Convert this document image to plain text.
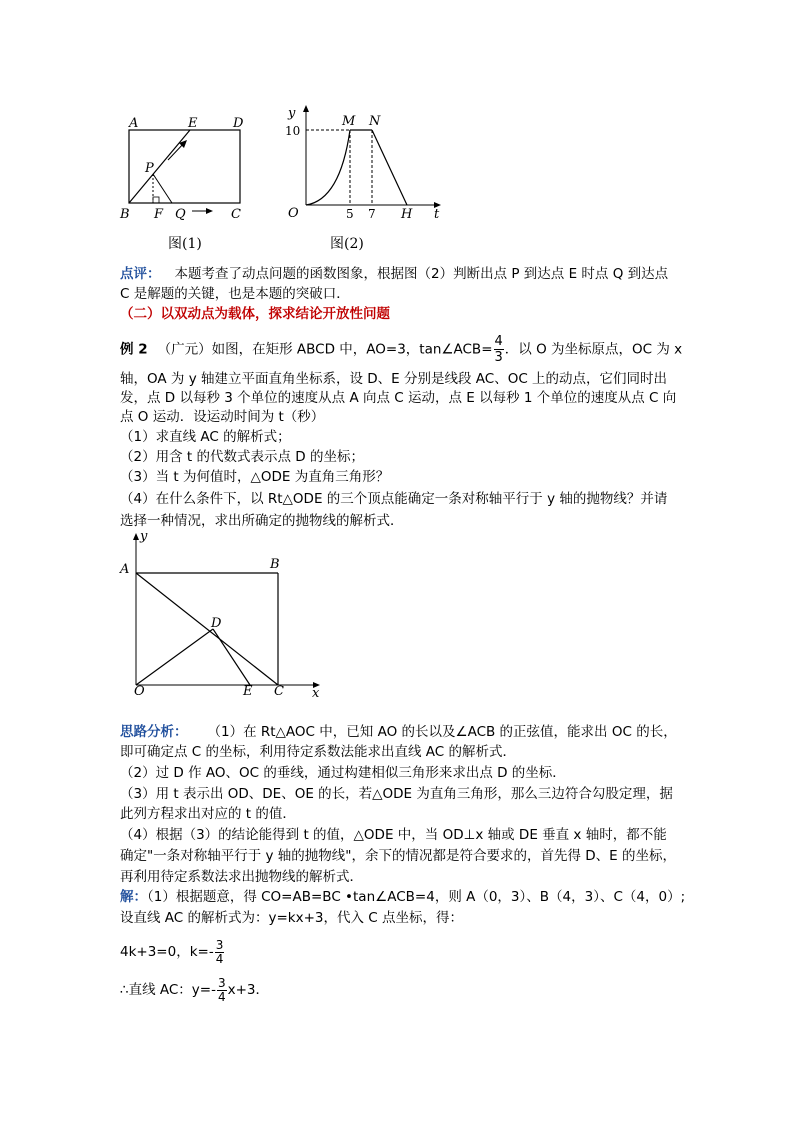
A	E	D
P
B F Q	C
图(1)
y
M N
10
O	5 7 H t
图(2)
点评： 本题考查了动点问题的函数图象，根据图（2）判断出点 P 到达点 E 时点 Q 到达点
C 是解题的关键，也是本题的突破口．
（二）以双动点为载体，探求结论开放性问题
例 2 （广元）如图，在矩形 ABCD 中，AO=3，tan∠ACB= $\frac{4}{3}$ ．以 O 为坐标原点，OC 为 x
轴，OA 为 y 轴建立平面直角坐标系，设 D、E 分别是线段 AC、OC 上的动点，它们同时出
发，点 D 以每秒 3 个单位的速度从点 A 向点 C 运动，点 E 以每秒 1 个单位的速度从点 C 向
点 O 运动．设运动时间为 t（秒）
（1）求直线 AC 的解析式；
（2）用含 t 的代数式表示点 D 的坐标；
（3）当 t 为何值时，△ODE 为直角三角形？
（4）在什么条件下，以 Rt△ODE 的三个顶点能确定一条对称轴平行于 y 轴的抛物线？并请
选择一种情况，求出所确定的抛物线的解析式．
y
A	B
D
O	E C x
思路分析： （1）在 Rt△AOC 中，已知 AO 的长以及∠ACB 的正弦值，能求出 OC 的长，
即可确定点 C 的坐标，利用待定系数法能求出直线 AC 的解析式．
（2）过 D 作 AO、OC 的垂线，通过构建相似三角形来求出点 D 的坐标．
（3）用 t 表示出 OD、DE、OE 的长，若△ODE 为直角三角形，那么三边符合勾股定理，据
此列方程求出对应的 t 的值．
（4）根据（3）的结论能得到 t 的值，△ODE 中，当 OD⊥x 轴或 DE 垂直 x 轴时，都不能
确定"一条对称轴平行于 y 轴的抛物线"，余下的情况都是符合要求的，首先得 D、E 的坐标，
再利用待定系数法求出抛物线的解析式．
解：（1）根据题意，得 CO=AB=BC •tan∠ACB=4，则 A（0，3）、B（4，3）、C（4，0）;
设直线 AC 的解析式为：y=kx+3，代入 C 点坐标，得：
4k+3=0，$k=- \frac{3}{4}$
∴直线 AC：$y=- \frac{3}{4} x+3$．
